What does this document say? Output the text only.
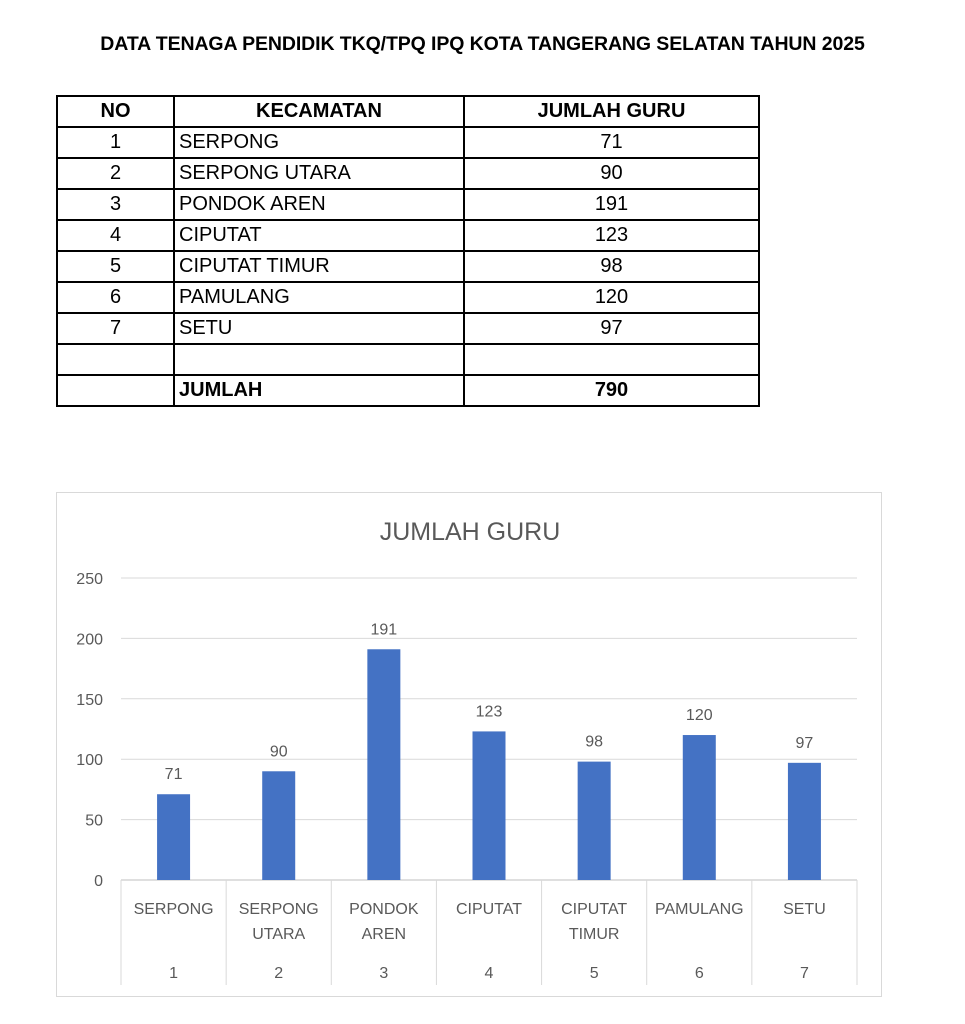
DATA TENAGA PENDIDIK TKQ/TPQ IPQ KOTA TANGERANG SELATAN TAHUN 2025
NO	KECAMATAN	JUMLAH GURU
1	SERPONG	71
2	SERPONG UTARA	90
3	PONDOK AREN	191
4	CIPUTAT	123
5	CIPUTAT TIMUR	98
6	PAMULANG	120
7	SETU	97

	JUMLAH	790
JUMLAH GURU
0
50
100
150
200
250
71
SERPONG
1
90
SERPONG
UTARA
2
191
PONDOK
AREN
3
123
CIPUTAT
4
98
CIPUTAT
TIMUR
5
120
PAMULANG
6
97
SETU
7
